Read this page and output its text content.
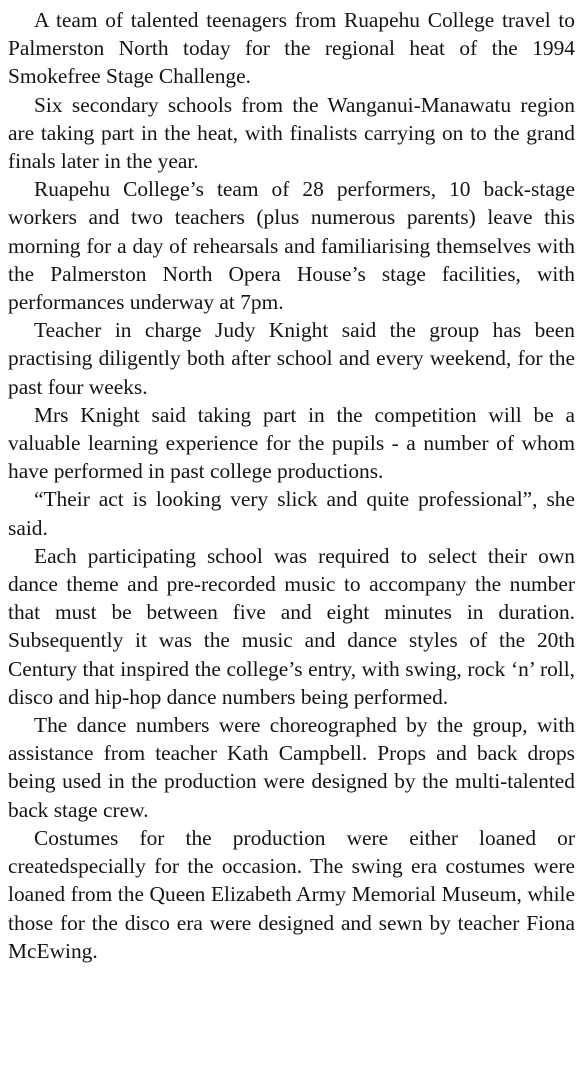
A team of talented teenagers from Ruapehu College travel to Palmerston North today for the regional heat of the 1994 Smokefree Stage Challenge.

Six secondary schools from the Wanganui-Manawatu region are taking part in the heat, with finalists carrying on to the grand finals later in the year.

Ruapehu College’s team of 28 performers, 10 back-stage workers and two teachers (plus numerous parents) leave this morning for a day of rehearsals and familiarising themselves with the Palmerston North Opera House’s stage facilities, with performances underway at 7pm.

Teacher in charge Judy Knight said the group has been practising diligently both after school and every weekend, for the past four weeks.

Mrs Knight said taking part in the competition will be a valuable learning experience for the pupils - a number of whom have performed in past college productions.

“Their act is looking very slick and quite professional”, she said.

Each participating school was required to select their own dance theme and pre-recorded music to accompany the number that must be between five and eight minutes in duration. Subsequently it was the music and dance styles of the 20th Century that inspired the college’s entry, with swing, rock ‘n’ roll, disco and hip-hop dance numbers being performed.

The dance numbers were choreographed by the group, with assistance from teacher Kath Campbell. Props and back drops being used in the production were designed by the multi-talented back stage crew.

Costumes for the production were either loaned or createdspecially for the occasion. The swing era costumes were loaned from the Queen Elizabeth Army Memorial Museum, while those for the disco era were designed and sewn by teacher Fiona McEwing.
